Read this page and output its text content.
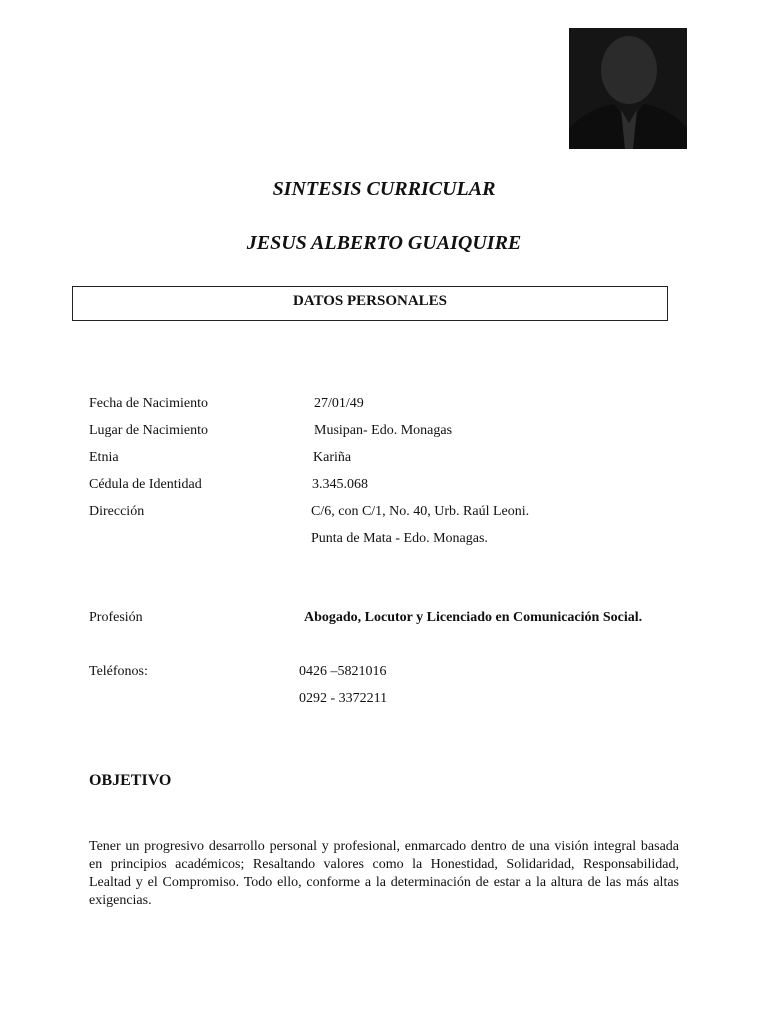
SINTESIS CURRICULAR
JESUS ALBERTO GUAIQUIRE
DATOS PERSONALES
Fecha de Nacimiento	27/01/49
Lugar de Nacimiento	Musipan- Edo. Monagas
Etnia	Kariña
Cédula de Identidad	3.345.068
Dirección	C/6, con C/1, No. 40, Urb. Raúl Leoni.
Punta de Mata - Edo. Monagas.
Profesión	Abogado, Locutor y Licenciado en Comunicación Social.
Teléfonos:	0426 –5821016
0292 - 3372211
OBJETIVO
Tener un progresivo desarrollo personal y profesional, enmarcado dentro de una visión integral basada en principios académicos; Resaltando valores como la Honestidad, Solidaridad, Responsabilidad, Lealtad y el Compromiso. Todo ello, conforme a la determinación de estar a la altura de las más altas exigencias.
